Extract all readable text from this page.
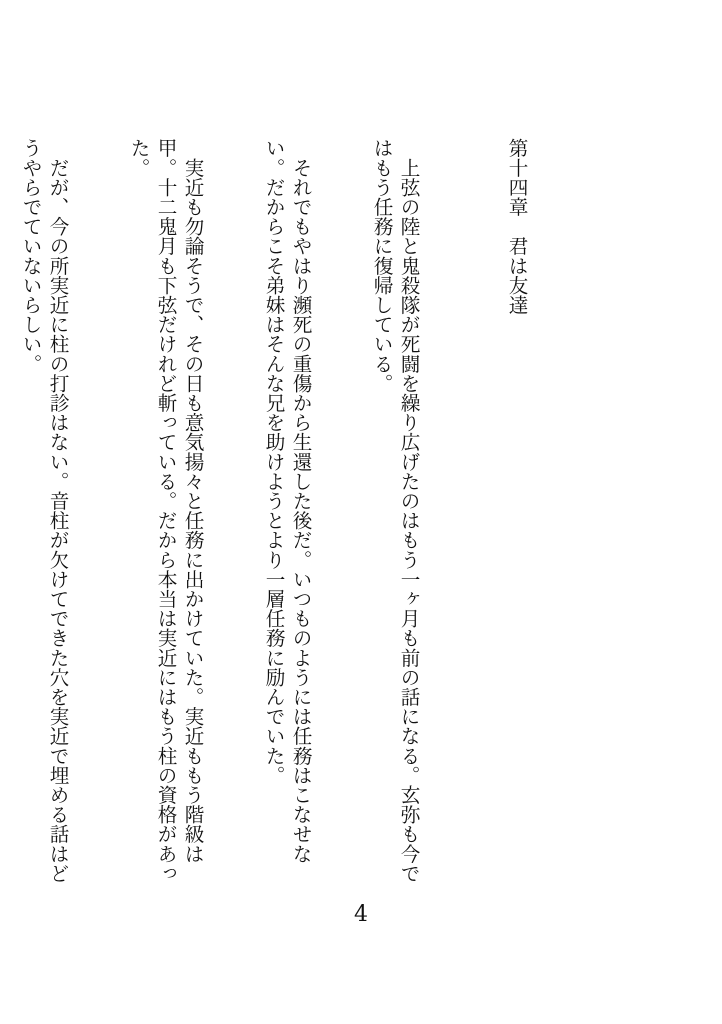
第十四章　君は友達

　上弦の陸と鬼殺隊が死闘を繰り広げたのはもう一ヶ月も前の話になる。玄弥も今ではもう任務に復帰している。

　それでもやはり瀕死の重傷から生還した後だ。いつものようには任務はこなせない。だからこそ弟妹はそんな兄を助けようとより一層任務に励んでいた。

　実近も勿論そうで、その日も意気揚々と任務に出かけていた。実近ももう階級は甲。十二鬼月も下弦だけれど斬っている。だから本当は実近にはもう柱の資格があった。

　だが、今の所実近に柱の打診はない。音柱が欠けてできた穴を実近で埋める話はどうやらでていないらしい。

4
